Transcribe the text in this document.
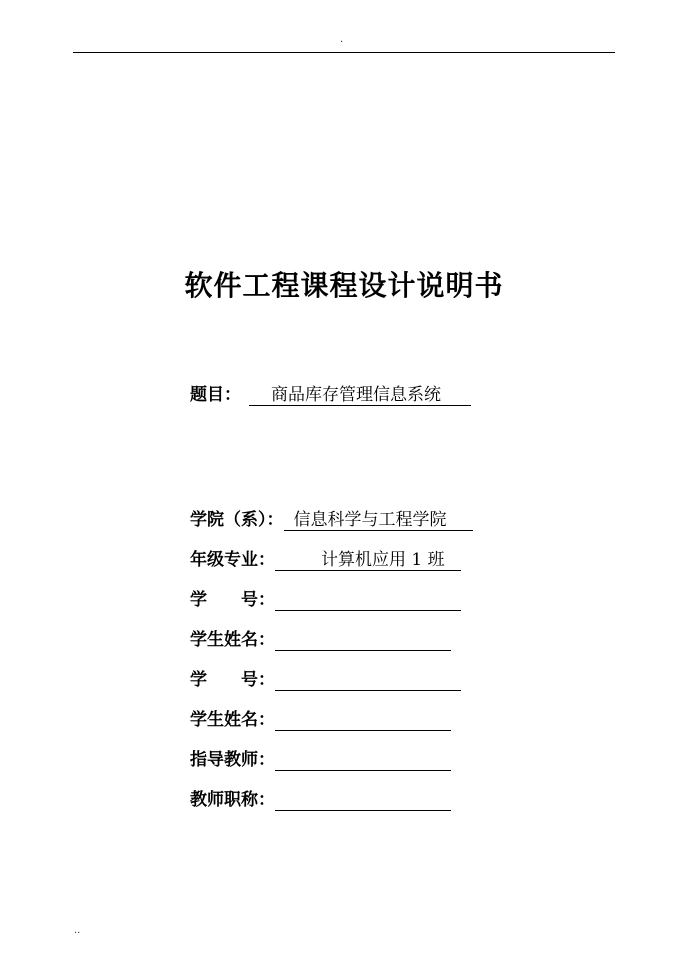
·
软件工程课程设计说明书
题目：	商品库存管理信息系统
学院（系）： 信息科学与工程学院
年级专业：	计算机应用 1 班
学 号：
学生姓名：
学 号：
学生姓名：
指导教师：
教师职称：
..
